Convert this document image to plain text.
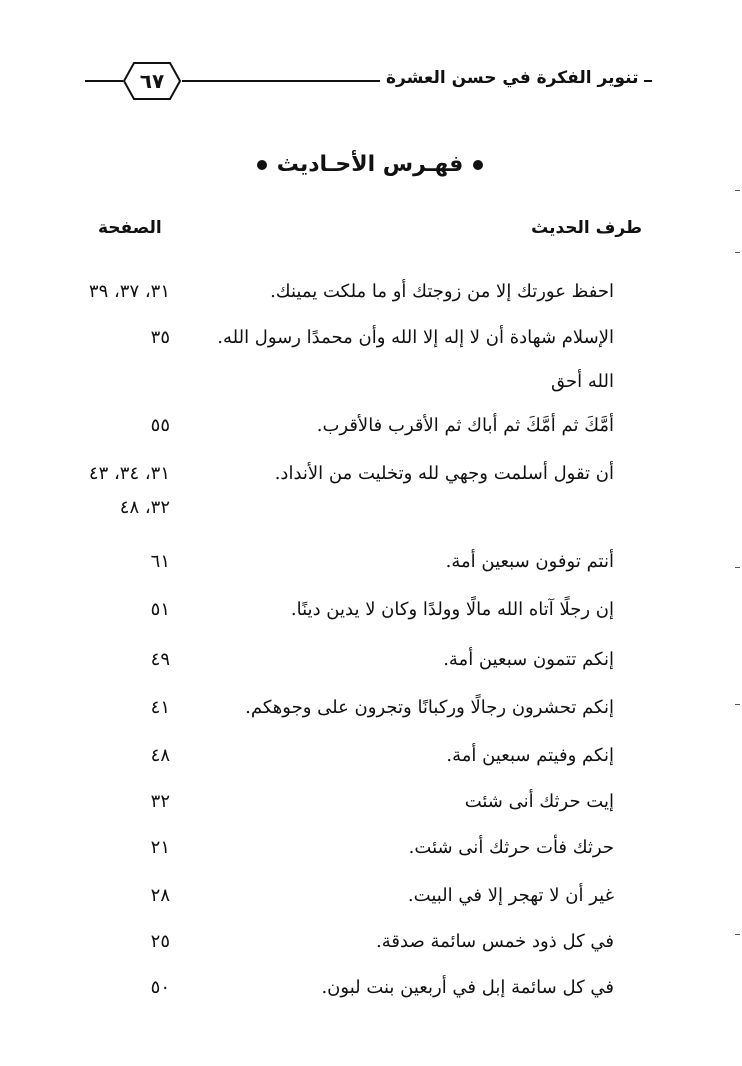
٦٧	تنوير الفكرة في حسن العشرة
فهـرس الأحـاديث
طرف الحديث
الصفحة
احفظ عورتك إلا من زوجتك أو ما ملكت يمينك.
٣١، ٣٧، ٣٩
الإسلام شهادة أن لا إله إلا الله وأن محمدًا رسول الله.
٣٥
الله أحق
أمَّكَ ثم أمَّكَ ثم أباك ثم الأقرب فالأقرب.
٥٥
أن تقول أسلمت وجهي لله وتخليت من الأنداد.
٣١، ٣٤، ٤٣
٣٢، ٤٨
أنتم توفون سبعين أمة.
٦١
إن رجلًا آتاه الله مالًا وولدًا وكان لا يدين دينًا.
٥١
إنكم تتمون سبعين أمة.
٤٩
إنكم تحشرون رجالًا وركبانًا وتجرون على وجوهكم.
٤١
إنكم وفيتم سبعين أمة.
٤٨
إيت حرثك أنى شئت
٣٢
حرثك فأت حرثك أنى شئت.
٢١
غير أن لا تهجر إلا في البيت.
٢٨
في كل ذود خمس سائمة صدقة.
٢٥
في كل سائمة إبل في أربعين بنت لبون.
٥٠
